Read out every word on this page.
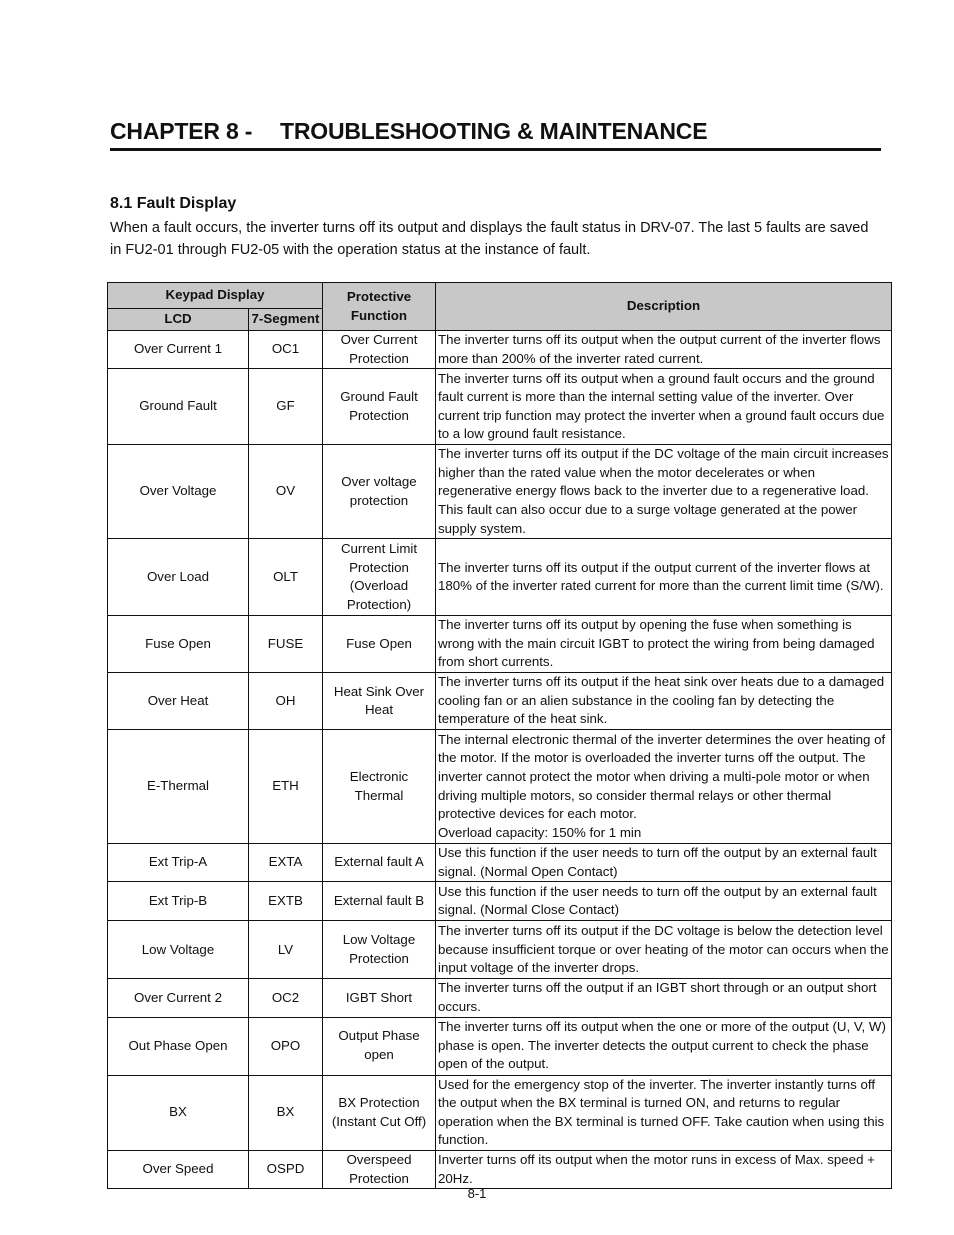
CHAPTER 8 - TROUBLESHOOTING & MAINTENANCE
8.1 Fault Display
When a fault occurs, the inverter turns off its output and displays the fault status in DRV-07. The last 5 faults are saved in FU2-01 through FU2-05 with the operation status at the instance of fault.
Keypad Display		Protective Function	Description
LCD	7-Segment		
Over Current 1	OC1	Over Current Protection	The inverter turns off its output when the output current of the inverter flows more than 200% of the inverter rated current.
Ground Fault	GF	Ground Fault Protection	The inverter turns off its output when a ground fault occurs and the ground fault current is more than the internal setting value of the inverter. Over current trip function may protect the inverter when a ground fault occurs due to a low ground fault resistance.
Over Voltage	OV	Over voltage protection	The inverter turns off its output if the DC voltage of the main circuit increases higher than the rated value when the motor decelerates or when regenerative energy flows back to the inverter due to a regenerative load. This fault can also occur due to a surge voltage generated at the power supply system.
Over Load	OLT	Current Limit Protection (Overload Protection)	The inverter turns off its output if the output current of the inverter flows at 180% of the inverter rated current for more than the current limit time (S/W).
Fuse Open	FUSE	Fuse Open	The inverter turns off its output by opening the fuse when something is wrong with the main circuit IGBT to protect the wiring from being damaged from short currents.
Over Heat	OH	Heat Sink Over Heat	The inverter turns off its output if the heat sink over heats due to a damaged cooling fan or an alien substance in the cooling fan by detecting the temperature of the heat sink.
E-Thermal	ETH	Electronic Thermal	The internal electronic thermal of the inverter determines the over heating of the motor. If the motor is overloaded the inverter turns off the output. The inverter cannot protect the motor when driving a multi-pole motor or when driving multiple motors, so consider thermal relays or other thermal protective devices for each motor.
Overload capacity: 150% for 1 min
Ext Trip-A	EXTA	External fault A	Use this function if the user needs to turn off the output by an external fault signal. (Normal Open Contact)
Ext Trip-B	EXTB	External fault B	Use this function if the user needs to turn off the output by an external fault signal. (Normal Close Contact)
Low Voltage	LV	Low Voltage Protection	The inverter turns off its output if the DC voltage is below the detection level because insufficient torque or over heating of the motor can occurs when the input voltage of the inverter drops.
Over Current 2	OC2	IGBT Short	The inverter turns off the output if an IGBT short through or an output short occurs.
Out Phase Open	OPO	Output Phase open	The inverter turns off its output when the one or more of the output (U, V, W) phase is open. The inverter detects the output current to check the phase open of the output.
BX	BX	BX Protection (Instant Cut Off)	Used for the emergency stop of the inverter. The inverter instantly turns off the output when the BX terminal is turned ON, and returns to regular operation when the BX terminal is turned OFF. Take caution when using this function.
Over Speed	OSPD	Overspeed Protection	Inverter turns off its output when the motor runs in excess of Max. speed + 20Hz.
8-1
